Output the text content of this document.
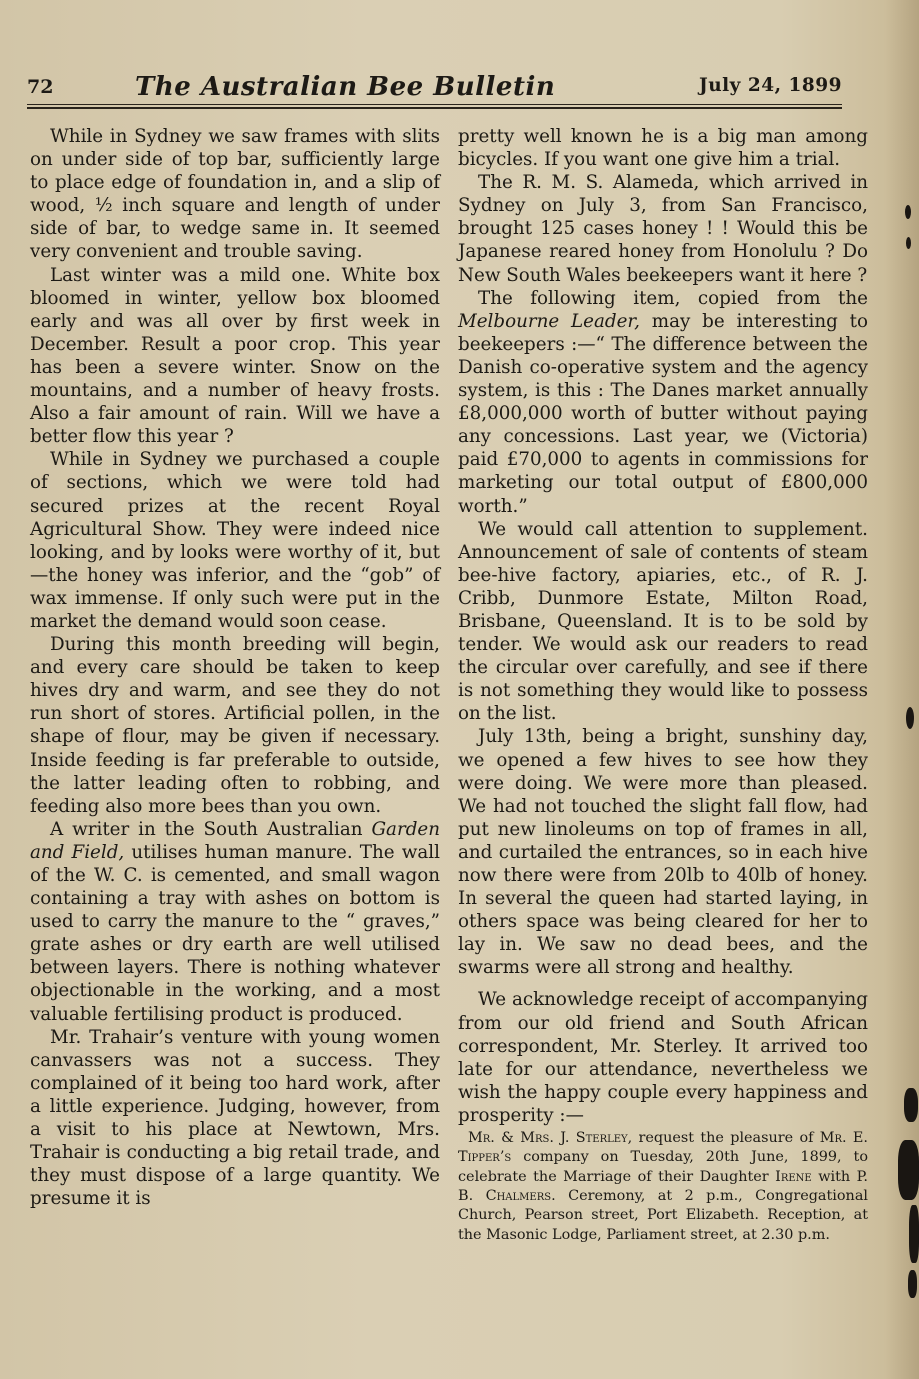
72	The Australian Bee Bulletin	July 24, 1899

While in Sydney we saw frames with slits on under side of top bar, sufficiently large to place edge of foundation in, and a slip of wood, ½ inch square and length of under side of bar, to wedge same in. It seemed very convenient and trouble saving.

Last winter was a mild one. White box bloomed in winter, yellow box bloomed early and was all over by first week in December. Result a poor crop. This year has been a severe winter. Snow on the mountains, and a number of heavy frosts. Also a fair amount of rain. Will we have a better flow this year ?

While in Sydney we purchased a couple of sections, which we were told had secured prizes at the recent Royal Agricultural Show. They were indeed nice looking, and by looks were worthy of it, but—the honey was inferior, and the “gob” of wax immense. If only such were put in the market the demand would soon cease.

During this month breeding will begin, and every care should be taken to keep hives dry and warm, and see they do not run short of stores. Artificial pollen, in the shape of flour, may be given if necessary. Inside feeding is far preferable to outside, the latter leading often to robbing, and feeding also more bees than you own.

A writer in the South Australian Garden and Field, utilises human manure. The wall of the W. C. is cemented, and small wagon containing a tray with ashes on bottom is used to carry the manure to the “ graves,” grate ashes or dry earth are well utilised between layers. There is nothing whatever objectionable in the working, and a most valuable fertilising product is produced.

Mr. Trahair’s venture with young women canvassers was not a success. They complained of it being too hard work, after a little experience. Judging, however, from a visit to his place at Newtown, Mrs. Trahair is conducting a big retail trade, and they must dispose of a large quantity. We presume it is

pretty well known he is a big man among bicycles. If you want one give him a trial.

The R. M. S. Alameda, which arrived in Sydney on July 3, from San Francisco, brought 125 cases honey ! ! Would this be Japanese reared honey from Honolulu ? Do New South Wales beekeepers want it here ?

The following item, copied from the Melbourne Leader, may be interesting to beekeepers :—“ The difference between the Danish co-operative system and the agency system, is this : The Danes market annually £8,000,000 worth of butter without paying any concessions. Last year, we (Victoria) paid £70,000 to agents in commissions for marketing our total output of £800,000 worth.”

We would call attention to supplement. Announcement of sale of contents of steam bee-hive factory, apiaries, etc., of R. J. Cribb, Dunmore Estate, Milton Road, Brisbane, Queensland. It is to be sold by tender. We would ask our readers to read the circular over carefully, and see if there is not something they would like to possess on the list.

July 13th, being a bright, sunshiny day, we opened a few hives to see how they were doing. We were more than pleased. We had not touched the slight fall flow, had put new linoleums on top of frames in all, and curtailed the entrances, so in each hive now there were from 20lb to 40lb of honey. In several the queen had started laying, in others space was being cleared for her to lay in. We saw no dead bees, and the swarms were all strong and healthy.

We acknowledge receipt of accompanying from our old friend and South African correspondent, Mr. Sterley. It arrived too late for our attendance, nevertheless we wish the happy couple every happiness and prosperity :—

Mr. & Mrs. J. Sterley, request the pleasure of Mr. E. Tipper’s company on Tuesday, 20th June, 1899, to celebrate the Marriage of their Daughter Irene with P. B. Chalmers. Ceremony, at 2 p.m., Congregational Church, Pearson street, Port Elizabeth. Reception, at the Masonic Lodge, Parliament street, at 2.30 p.m.
